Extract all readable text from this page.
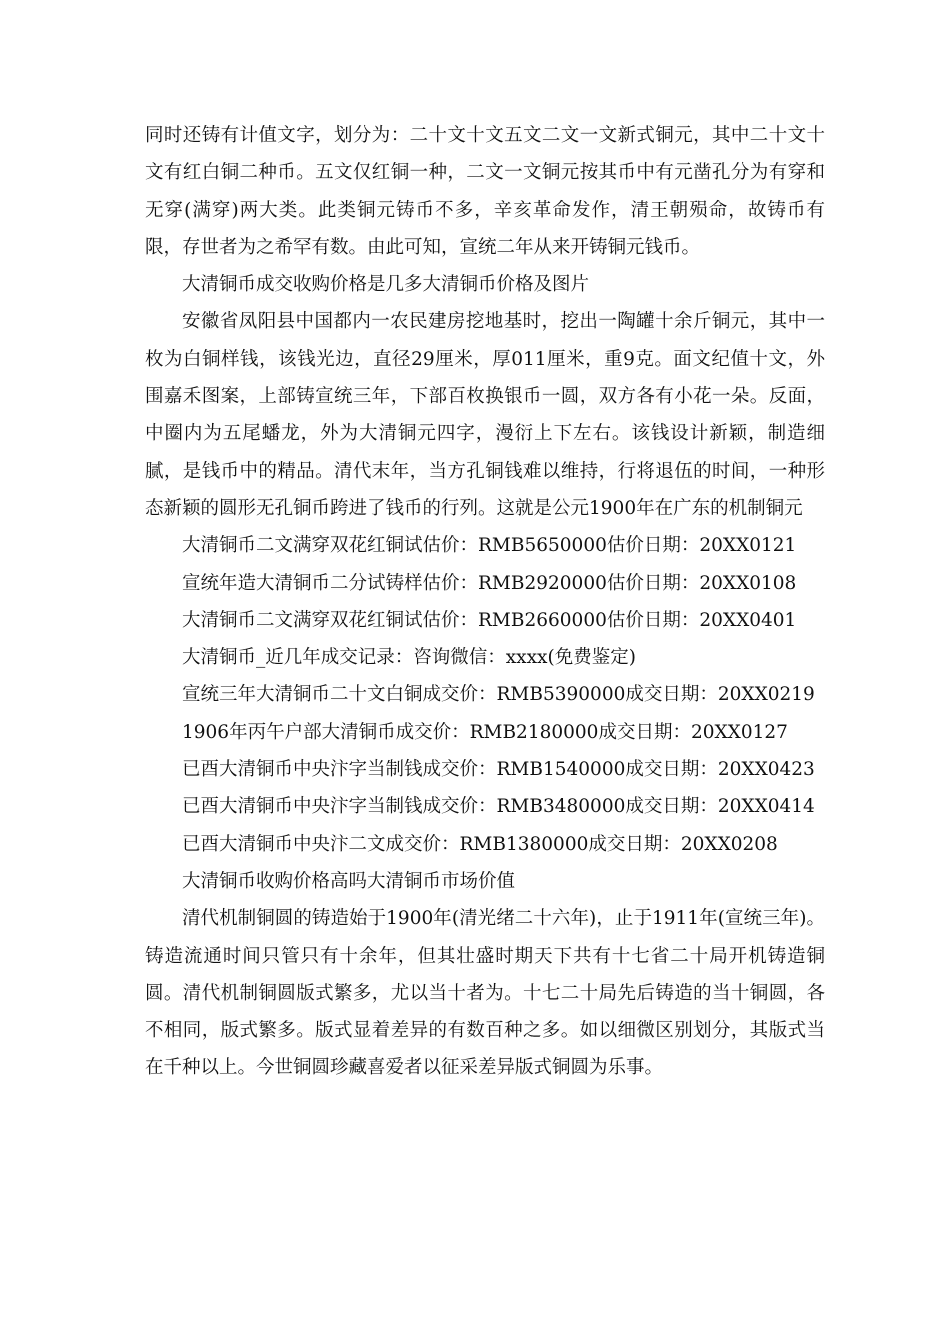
同时还铸有计值文字，划分为：二十文十文五文二文一文新式铜元，其中二十文十文有红白铜二种币。五文仅红铜一种，二文一文铜元按其币中有元凿孔分为有穿和无穿(满穿)两大类。此类铜元铸币不多，辛亥革命发作，清王朝殒命，故铸币有限，存世者为之希罕有数。由此可知，宣统二年从来开铸铜元钱币。

大清铜币成交收购价格是几多大清铜币价格及图片

安徽省凤阳县中国都内一农民建房挖地基时，挖出一陶罐十余斤铜元，其中一枚为白铜样钱，该钱光边，直径29厘米，厚011厘米，重9克。面文纪值十文，外围嘉禾图案，上部铸宣统三年，下部百枚换银币一圆，双方各有小花一朵。反面，中圈内为五尾蟠龙，外为大清铜元四字，漫衍上下左右。该钱设计新颖，制造细腻，是钱币中的精品。清代末年，当方孔铜钱难以维持，行将退伍的时间，一种形态新颖的圆形无孔铜币跨进了钱币的行列。这就是公元1900年在广东的机制铜元

大清铜币二文满穿双花红铜试估价：RMB5650000估价日期：20XX0121

宣统年造大清铜币二分试铸样估价：RMB2920000估价日期：20XX0108

大清铜币二文满穿双花红铜试估价：RMB2660000估价日期：20XX0401

大清铜币_近几年成交记录：咨询微信：xxxx(免费鉴定)

宣统三年大清铜币二十文白铜成交价：RMB5390000成交日期：20XX0219

1906年丙午户部大清铜币成交价：RMB2180000成交日期：20XX0127

已酉大清铜币中央汴字当制钱成交价：RMB1540000成交日期：20XX0423

已酉大清铜币中央汴字当制钱成交价：RMB3480000成交日期：20XX0414

已酉大清铜币中央汴二文成交价：RMB1380000成交日期：20XX0208

大清铜币收购价格高吗大清铜币市场价值

清代机制铜圆的铸造始于1900年(清光绪二十六年)，止于1911年(宣统三年)。铸造流通时间只管只有十余年，但其壮盛时期天下共有十七省二十局开机铸造铜圆。清代机制铜圆版式繁多，尤以当十者为。十七二十局先后铸造的当十铜圆，各不相同，版式繁多。版式显着差异的有数百种之多。如以细微区别划分，其版式当在千种以上。今世铜圆珍藏喜爱者以征采差异版式铜圆为乐事。
